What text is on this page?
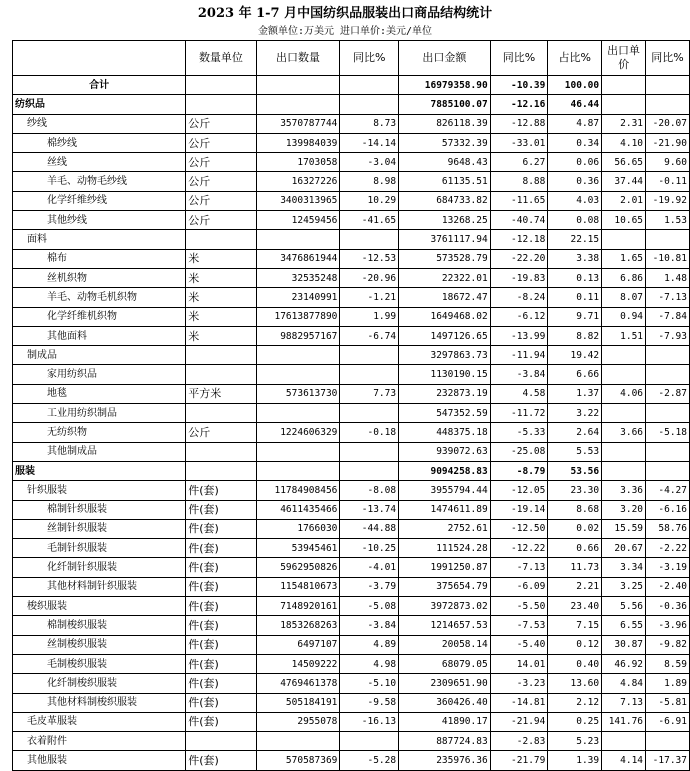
2023 年 1-7 月中国纺织品服装出口商品结构统计
金额单位:万美元 进口单价:美元/单位
	数量单位	出口数量	同比%	出口金额	同比%	占比%	出口单价	同比%
合计				16979358.90	-10.39	100.00		
纺织品				7885100.07	-12.16	46.44		
纱线	公斤	3570787744	8.73	826118.39	-12.88	4.87	2.31	-20.07
棉纱线	公斤	139984039	-14.14	57332.39	-33.01	0.34	4.10	-21.90
丝线	公斤	1703058	-3.04	9648.43	6.27	0.06	56.65	9.60
羊毛、动物毛纱线	公斤	16327226	8.98	61135.51	8.88	0.36	37.44	-0.11
化学纤维纱线	公斤	3400313965	10.29	684733.82	-11.65	4.03	2.01	-19.92
其他纱线	公斤	12459456	-41.65	13268.25	-40.74	0.08	10.65	1.53
面料				3761117.94	-12.18	22.15		
棉布	米	3476861944	-12.53	573528.79	-22.20	3.38	1.65	-10.81
丝机织物	米	32535248	-20.96	22322.01	-19.83	0.13	6.86	1.48
羊毛、动物毛机织物	米	23140991	-1.21	18672.47	-8.24	0.11	8.07	-7.13
化学纤维机织物	米	17613877890	1.99	1649468.02	-6.12	9.71	0.94	-7.84
其他面料	米	9882957167	-6.74	1497126.65	-13.99	8.82	1.51	-7.93
制成品				3297863.73	-11.94	19.42		
家用纺织品				1130190.15	-3.84	6.66		
地毯	平方米	573613730	7.73	232873.19	4.58	1.37	4.06	-2.87
工业用纺织制品				547352.59	-11.72	3.22		
无纺织物	公斤	1224606329	-0.18	448375.18	-5.33	2.64	3.66	-5.18
其他制成品				939072.63	-25.08	5.53		
服装				9094258.83	-8.79	53.56		
针织服装	件(套)	11784908456	-8.08	3955794.44	-12.05	23.30	3.36	-4.27
棉制针织服装	件(套)	4611435466	-13.74	1474611.89	-19.14	8.68	3.20	-6.16
丝制针织服装	件(套)	1766030	-44.88	2752.61	-12.50	0.02	15.59	58.76
毛制针织服装	件(套)	53945461	-10.25	111524.28	-12.22	0.66	20.67	-2.22
化纤制针织服装	件(套)	5962950826	-4.01	1991250.87	-7.13	11.73	3.34	-3.19
其他材料制针织服装	件(套)	1154810673	-3.79	375654.79	-6.09	2.21	3.25	-2.40
梭织服装	件(套)	7148920161	-5.08	3972873.02	-5.50	23.40	5.56	-0.36
棉制梭织服装	件(套)	1853268263	-3.84	1214657.53	-7.53	7.15	6.55	-3.96
丝制梭织服装	件(套)	6497107	4.89	20058.14	-5.40	0.12	30.87	-9.82
毛制梭织服装	件(套)	14509222	4.98	68079.05	14.01	0.40	46.92	8.59
化纤制梭织服装	件(套)	4769461378	-5.10	2309651.90	-3.23	13.60	4.84	1.89
其他材料制梭织服装	件(套)	505184191	-9.58	360426.40	-14.81	2.12	7.13	-5.81
毛皮革服装	件(套)	2955078	-16.13	41890.17	-21.94	0.25	141.76	-6.91
衣着附件				887724.83	-2.83	5.23		
其他服装	件(套)	570587369	-5.28	235976.36	-21.79	1.39	4.14	-17.37
